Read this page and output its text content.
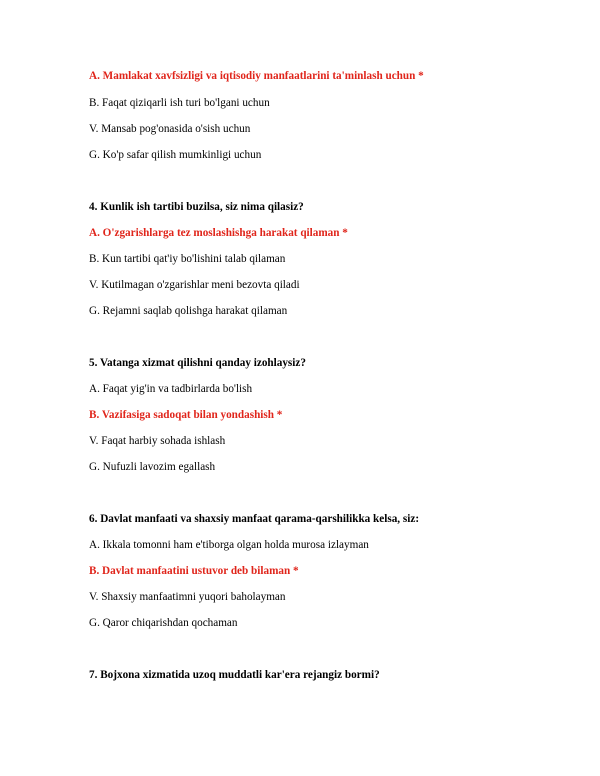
A. Mamlakat xavfsizligi va iqtisodiy manfaatlarini ta'minlash uchun *
B. Faqat qiziqarli ish turi bo'lgani uchun
V. Mansab pog'onasida o'sish uchun
G. Ko'p safar qilish mumkinligi uchun
4. Kunlik ish tartibi buzilsa, siz nima qilasiz?
A. O'zgarishlarga tez moslashishga harakat qilaman *
B. Kun tartibi qat'iy bo'lishini talab qilaman
V. Kutilmagan o'zgarishlar meni bezovta qiladi
G. Rejamni saqlab qolishga harakat qilaman
5. Vatanga xizmat qilishni qanday izohlaysiz?
A. Faqat yig'in va tadbirlarda bo'lish
B. Vazifasiga sadoqat bilan yondashish *
V. Faqat harbiy sohada ishlash
G. Nufuzli lavozim egallash
6. Davlat manfaati va shaxsiy manfaat qarama-qarshilikka kelsa, siz:
A. Ikkala tomonni ham e'tiborga olgan holda murosa izlayman
B. Davlat manfaatini ustuvor deb bilaman *
V. Shaxsiy manfaatimni yuqori baholayman
G. Qaror chiqarishdan qochaman
7. Bojxona xizmatida uzoq muddatli kar'era rejangiz bormi?
